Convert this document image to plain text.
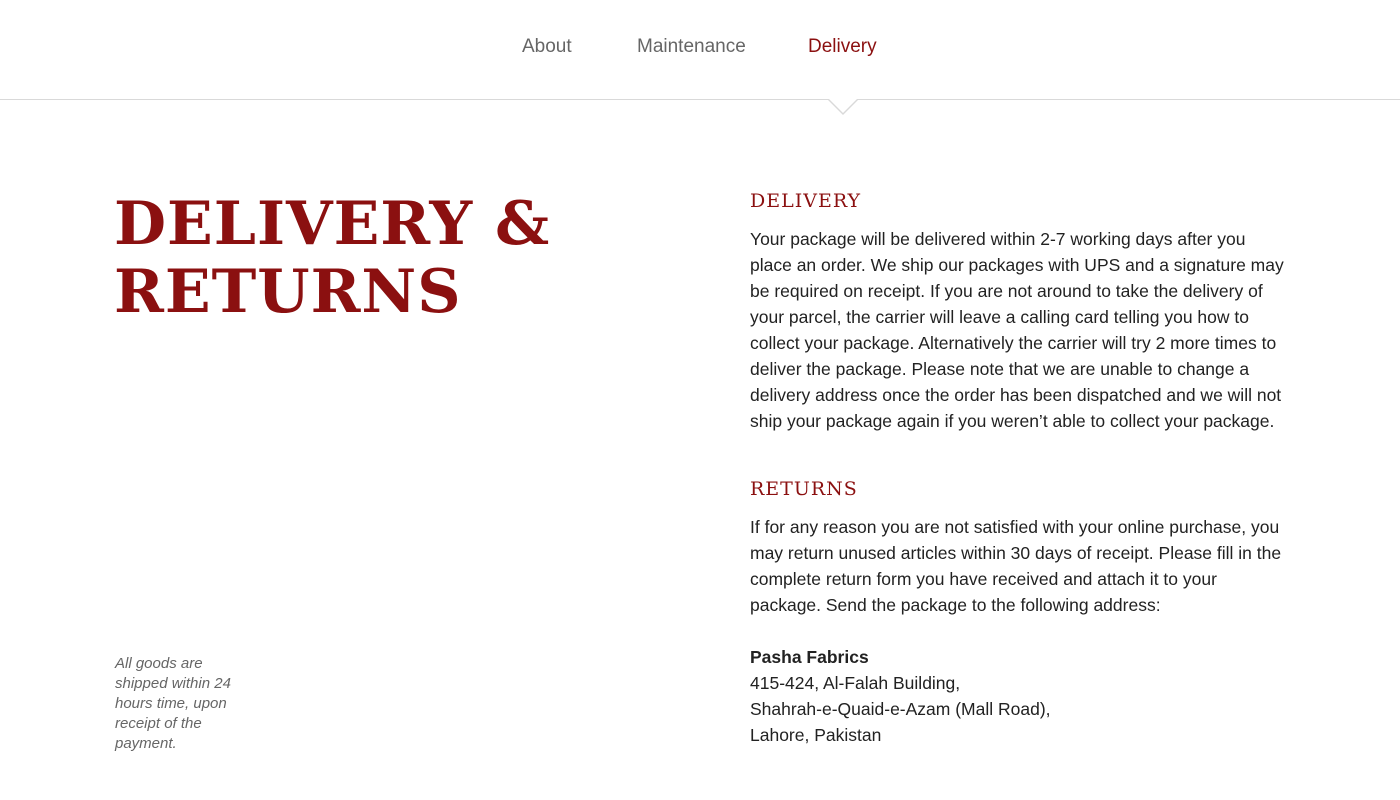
About	Maintenance	Delivery
DELIVERY &
RETURNS

All goods are shipped within 24 hours time, upon receipt of the payment.

DELIVERY

Your package will be delivered within 2-7 working days after you place an order. We ship our packages with UPS and a signature may be required on receipt. If you are not around to take the delivery of your parcel, the carrier will leave a calling card telling you how to collect your package. Alternatively the carrier will try 2 more times to deliver the package. Please note that we are unable to change a delivery address once the order has been dispatched and we will not ship your package again if you weren’t able to collect your package.

RETURNS

If for any reason you are not satisfied with your online purchase, you may return unused articles within 30 days of receipt. Please fill in the complete return form you have received and attach it to your package. Send the package to the following address:

Pasha Fabrics
415-424, Al-Falah Building,
Shahrah-e-Quaid-e-Azam (Mall Road),
Lahore, Pakistan
